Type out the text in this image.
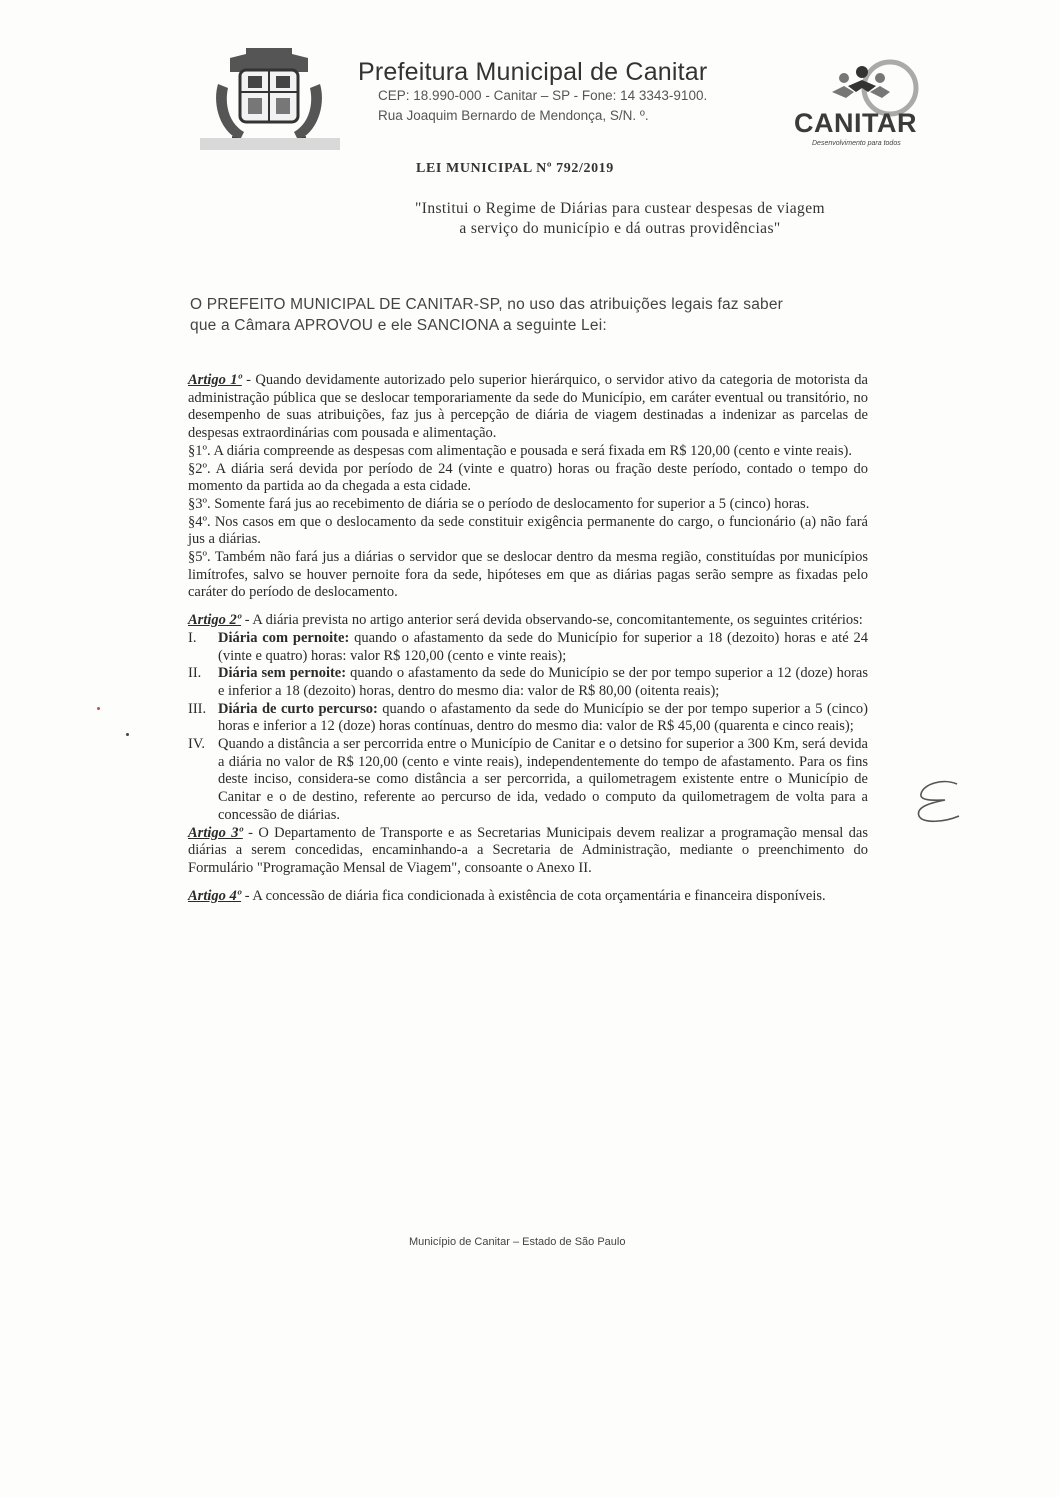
Prefeitura Municipal de Canitar
CEP: 18.990-000 - Canitar – SP - Fone: 14 3343-9100.
Rua Joaquim Bernardo de Mendonça, S/N. º.	CANITAR
Desenvolvimento para todos
LEI MUNICIPAL Nº 792/2019
"Institui o Regime de Diárias para custear despesas de viagem
a serviço do município e dá outras providências"
O PREFEITO MUNICIPAL DE CANITAR-SP, no uso das atribuições legais faz saber
que a Câmara APROVOU e ele SANCIONA a seguinte Lei:

Artigo 1º - Quando devidamente autorizado pelo superior hierárquico, o servidor ativo da categoria de motorista da administração pública que se deslocar temporariamente da sede do Município, em caráter eventual ou transitório, no desempenho de suas atribuições, faz jus à percepção de diária de viagem destinadas a indenizar as parcelas de despesas extraordinárias com pousada e alimentação.

§1º. A diária compreende as despesas com alimentação e pousada e será fixada em R$ 120,00 (cento e vinte reais).

§2º. A diária será devida por período de 24 (vinte e quatro) horas ou fração deste período, contado o tempo do momento da partida ao da chegada a esta cidade.

§3º. Somente fará jus ao recebimento de diária se o período de deslocamento for superior a 5 (cinco) horas.

§4º. Nos casos em que o deslocamento da sede constituir exigência permanente do cargo, o funcionário (a) não fará jus a diárias.

§5º. Também não fará jus a diárias o servidor que se deslocar dentro da mesma região, constituídas por municípios limítrofes, salvo se houver pernoite fora da sede, hipóteses em que as diárias pagas serão sempre as fixadas pelo caráter do período de deslocamento.

Artigo 2º - A diária prevista no artigo anterior será devida observando-se, concomitantemente, os seguintes critérios:

I. Diária com pernoite: quando o afastamento da sede do Município for superior a 18 (dezoito) horas e até 24 (vinte e quatro) horas: valor R$ 120,00 (cento e vinte reais);
II. Diária sem pernoite: quando o afastamento da sede do Município se der por tempo superior a 12 (doze) horas e inferior a 18 (dezoito) horas, dentro do mesmo dia: valor de R$ 80,00 (oitenta reais);
III. Diária de curto percurso: quando o afastamento da sede do Município se der por tempo superior a 5 (cinco) horas e inferior a 12 (doze) horas contínuas, dentro do mesmo dia: valor de R$ 45,00 (quarenta e cinco reais);
IV. Quando a distância a ser percorrida entre o Município de Canitar e o detsino for superior a 300 Km, será devida a diária no valor de R$ 120,00 (cento e vinte reais), independentemente do tempo de afastamento. Para os fins deste inciso, considera-se como distância a ser percorrida, a quilometragem existente entre o Município de Canitar e o de destino, referente ao percurso de ida, vedado o computo da quilometragem de volta para a concessão de diárias.

Artigo 3º - O Departamento de Transporte e as Secretarias Municipais devem realizar a programação mensal das diárias a serem concedidas, encaminhando-a a Secretaria de Administração, mediante o preenchimento do Formulário "Programação Mensal de Viagem", consoante o Anexo II.

Artigo 4º - A concessão de diária fica condicionada à existência de cota orçamentária e financeira disponíveis.

Município de Canitar – Estado de São Paulo
